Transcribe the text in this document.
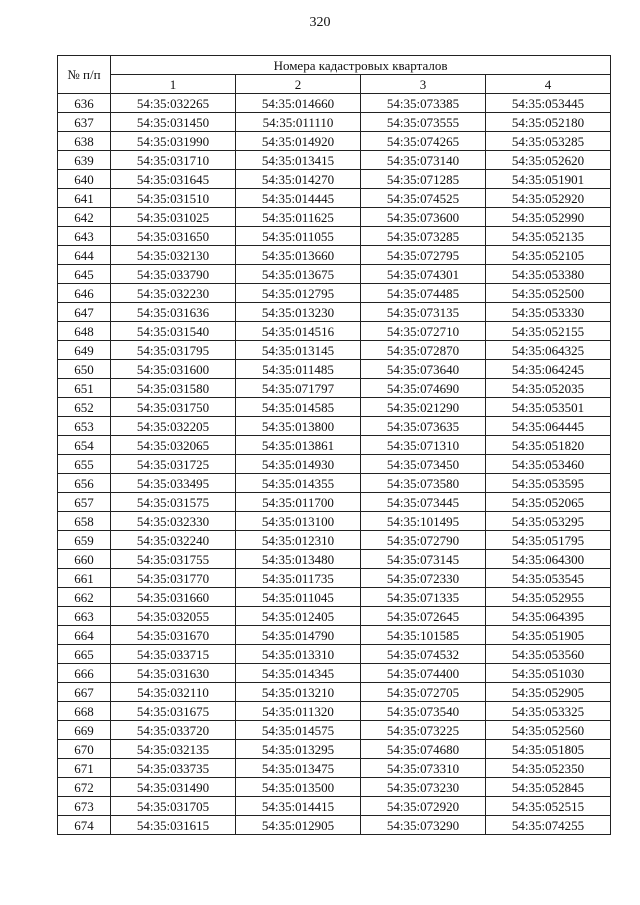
320
№ п/п	Номера кадастровых кварталов			
	1	2	3	4
636	54:35:032265	54:35:014660	54:35:073385	54:35:053445
637	54:35:031450	54:35:011110	54:35:073555	54:35:052180
638	54:35:031990	54:35:014920	54:35:074265	54:35:053285
639	54:35:031710	54:35:013415	54:35:073140	54:35:052620
640	54:35:031645	54:35:014270	54:35:071285	54:35:051901
641	54:35:031510	54:35:014445	54:35:074525	54:35:052920
642	54:35:031025	54:35:011625	54:35:073600	54:35:052990
643	54:35:031650	54:35:011055	54:35:073285	54:35:052135
644	54:35:032130	54:35:013660	54:35:072795	54:35:052105
645	54:35:033790	54:35:013675	54:35:074301	54:35:053380
646	54:35:032230	54:35:012795	54:35:074485	54:35:052500
647	54:35:031636	54:35:013230	54:35:073135	54:35:053330
648	54:35:031540	54:35:014516	54:35:072710	54:35:052155
649	54:35:031795	54:35:013145	54:35:072870	54:35:064325
650	54:35:031600	54:35:011485	54:35:073640	54:35:064245
651	54:35:031580	54:35:071797	54:35:074690	54:35:052035
652	54:35:031750	54:35:014585	54:35:021290	54:35:053501
653	54:35:032205	54:35:013800	54:35:073635	54:35:064445
654	54:35:032065	54:35:013861	54:35:071310	54:35:051820
655	54:35:031725	54:35:014930	54:35:073450	54:35:053460
656	54:35:033495	54:35:014355	54:35:073580	54:35:053595
657	54:35:031575	54:35:011700	54:35:073445	54:35:052065
658	54:35:032330	54:35:013100	54:35:101495	54:35:053295
659	54:35:032240	54:35:012310	54:35:072790	54:35:051795
660	54:35:031755	54:35:013480	54:35:073145	54:35:064300
661	54:35:031770	54:35:011735	54:35:072330	54:35:053545
662	54:35:031660	54:35:011045	54:35:071335	54:35:052955
663	54:35:032055	54:35:012405	54:35:072645	54:35:064395
664	54:35:031670	54:35:014790	54:35:101585	54:35:051905
665	54:35:033715	54:35:013310	54:35:074532	54:35:053560
666	54:35:031630	54:35:014345	54:35:074400	54:35:051030
667	54:35:032110	54:35:013210	54:35:072705	54:35:052905
668	54:35:031675	54:35:011320	54:35:073540	54:35:053325
669	54:35:033720	54:35:014575	54:35:073225	54:35:052560
670	54:35:032135	54:35:013295	54:35:074680	54:35:051805
671	54:35:033735	54:35:013475	54:35:073310	54:35:052350
672	54:35:031490	54:35:013500	54:35:073230	54:35:052845
673	54:35:031705	54:35:014415	54:35:072920	54:35:052515
674	54:35:031615	54:35:012905	54:35:073290	54:35:074255
